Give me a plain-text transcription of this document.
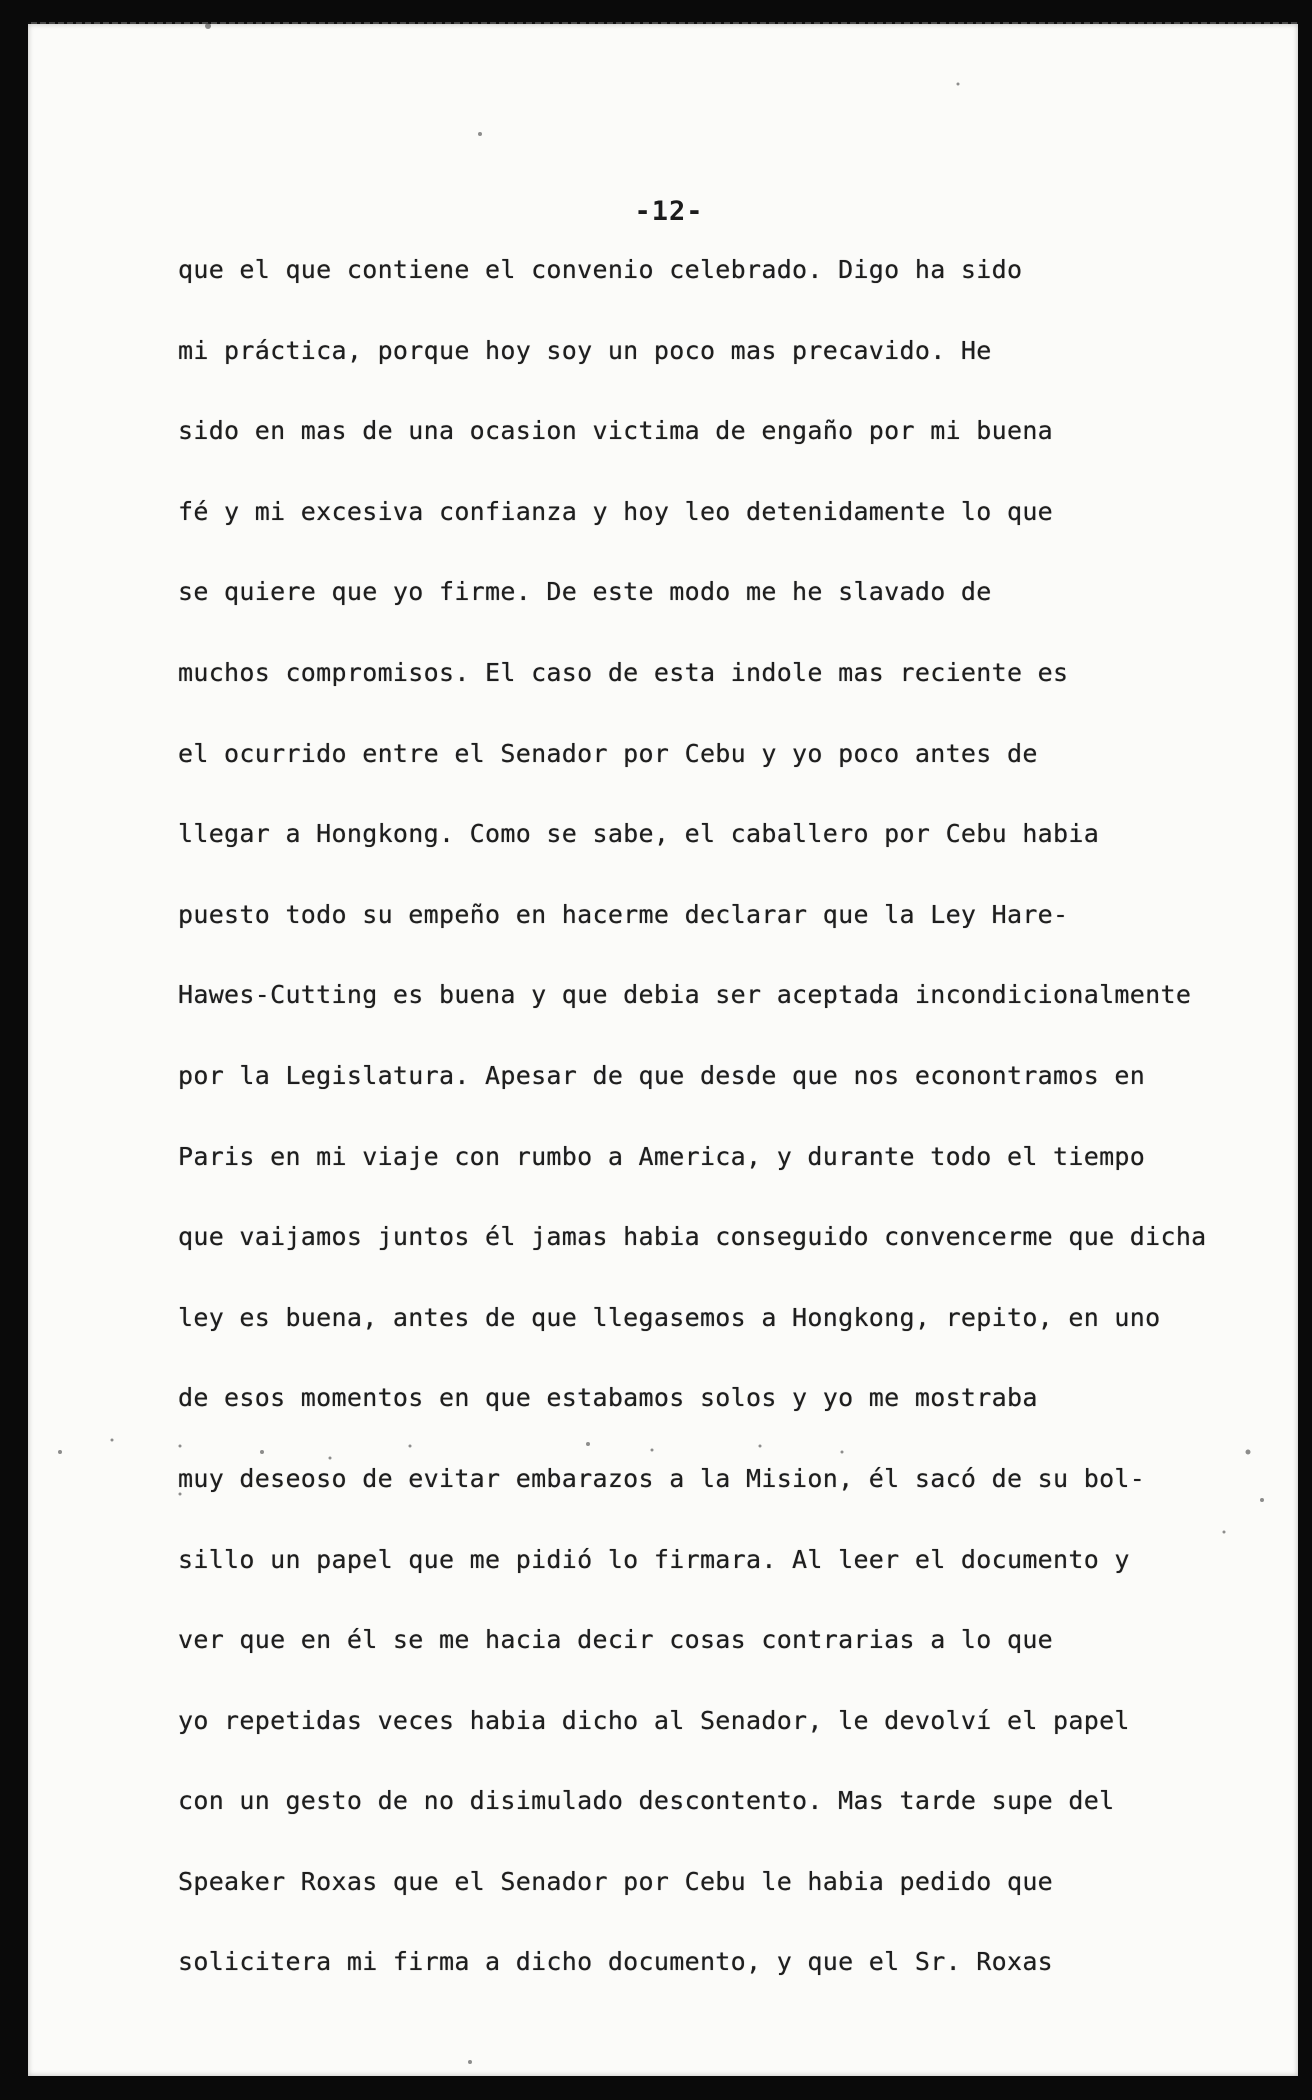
-12-
que el que contiene el convenio celebrado. Digo ha sido
mi práctica, porque hoy soy un poco mas precavido. He
sido en mas de una ocasion victima de engaño por mi buena
fé y mi excesiva confianza y hoy leo detenidamente lo que
se quiere que yo firme. De este modo me he slavado de
muchos compromisos. El caso de esta indole mas reciente es
el ocurrido entre el Senador por Cebu y yo poco antes de
llegar a Hongkong. Como se sabe, el caballero por Cebu habia
puesto todo su empeño en hacerme declarar que la Ley Hare-
Hawes-Cutting es buena y que debia ser aceptada incondicionalmente
por la Legislatura. Apesar de que desde que nos econontramos en
Paris en mi viaje con rumbo a America, y durante todo el tiempo
que vaijamos juntos él jamas habia conseguido convencerme que dicha
ley es buena, antes de que llegasemos a Hongkong, repito, en uno
de esos momentos en que estabamos solos y yo me mostraba
muy deseoso de evitar embarazos a la Mision, él sacó de su bol-
sillo un papel que me pidió lo firmara. Al leer el documento y
ver que en él se me hacia decir cosas contrarias a lo que
yo repetidas veces habia dicho al Senador, le devolví el papel
con un gesto de no disimulado descontento. Mas tarde supe del
Speaker Roxas que el Senador por Cebu le habia pedido que
solicitera mi firma a dicho documento, y que el Sr. Roxas
